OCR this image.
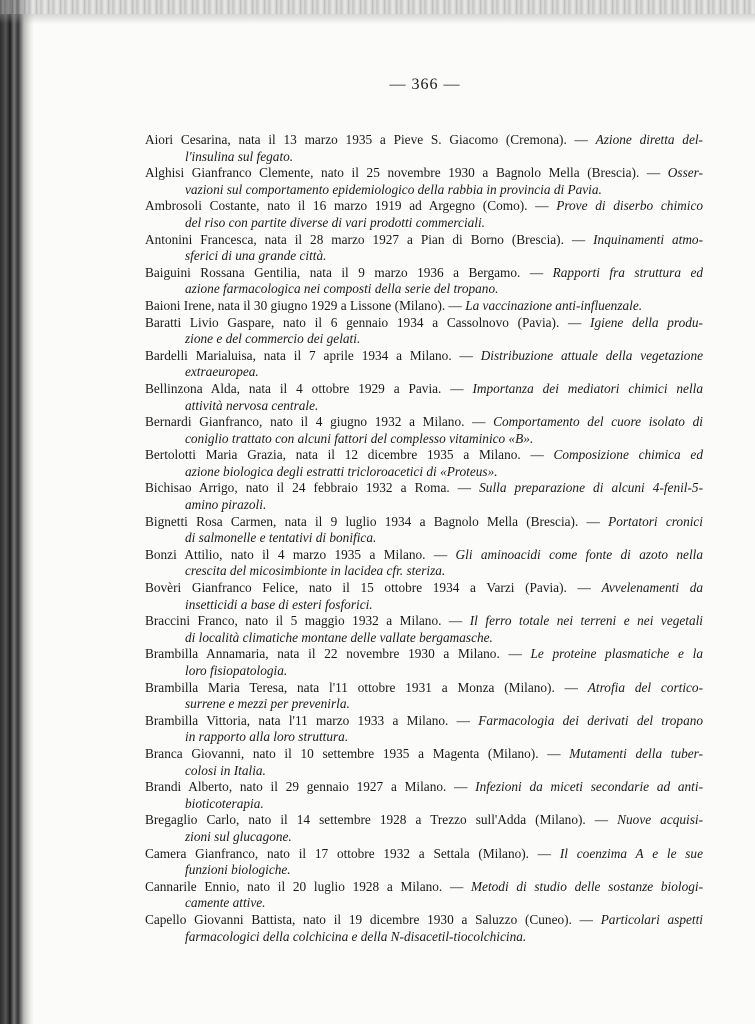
— 366 —
Aiori Cesarina, nata il 13 marzo 1935 a Pieve S. Giacomo (Cremona). — Azione diretta del-
l'insulina sul fegato.
Alghisi Gianfranco Clemente, nato il 25 novembre 1930 a Bagnolo Mella (Brescia). — Osser-
vazioni sul comportamento epidemiologico della rabbia in provincia di Pavia.
Ambrosoli Costante, nato il 16 marzo 1919 ad Argegno (Como). — Prove di diserbo chimico
del riso con partite diverse di vari prodotti commerciali.
Antonini Francesca, nata il 28 marzo 1927 a Pian di Borno (Brescia). — Inquinamenti atmo-
sferici di una grande città.
Baiguini Rossana Gentilia, nata il 9 marzo 1936 a Bergamo. — Rapporti fra struttura ed
azione farmacologica nei composti della serie del tropano.
Baioni Irene, nata il 30 giugno 1929 a Lissone (Milano). — La vaccinazione anti-influenzale.
Baratti Livio Gaspare, nato il 6 gennaio 1934 a Cassolnovo (Pavia). — Igiene della produ-
zione e del commercio dei gelati.
Bardelli Marialuisa, nata il 7 aprile 1934 a Milano. — Distribuzione attuale della vegetazione
extraeuropea.
Bellinzona Alda, nata il 4 ottobre 1929 a Pavia. — Importanza dei mediatori chimici nella
attività nervosa centrale.
Bernardi Gianfranco, nato il 4 giugno 1932 a Milano. — Comportamento del cuore isolato di
coniglio trattato con alcuni fattori del complesso vitaminico «B».
Bertolotti Maria Grazia, nata il 12 dicembre 1935 a Milano. — Composizione chimica ed
azione biologica degli estratti tricloroacetici di «Proteus».
Bichisao Arrigo, nato il 24 febbraio 1932 a Roma. — Sulla preparazione di alcuni 4-fenil-5-
amino pirazoli.
Bignetti Rosa Carmen, nata il 9 luglio 1934 a Bagnolo Mella (Brescia). — Portatori cronici
di salmonelle e tentativi di bonifica.
Bonzi Attilio, nato il 4 marzo 1935 a Milano. — Gli aminoacidi come fonte di azoto nella
crescita del micosimbionte in lacidea cfr. steriza.
Bovèri Gianfranco Felice, nato il 15 ottobre 1934 a Varzi (Pavia). — Avvelenamenti da
insetticidi a base di esteri fosforici.
Braccini Franco, nato il 5 maggio 1932 a Milano. — Il ferro totale nei terreni e nei vegetali
di località climatiche montane delle vallate bergamasche.
Brambilla Annamaria, nata il 22 novembre 1930 a Milano. — Le proteine plasmatiche e la
loro fisiopatologia.
Brambilla Maria Teresa, nata l'11 ottobre 1931 a Monza (Milano). — Atrofia del cortico-
surrene e mezzi per prevenirla.
Brambilla Vittoria, nata l'11 marzo 1933 a Milano. — Farmacologia dei derivati del tropano
in rapporto alla loro struttura.
Branca Giovanni, nato il 10 settembre 1935 a Magenta (Milano). — Mutamenti della tuber-
colosi in Italia.
Brandi Alberto, nato il 29 gennaio 1927 a Milano. — Infezioni da miceti secondarie ad anti-
bioticoterapia.
Bregaglio Carlo, nato il 14 settembre 1928 a Trezzo sull'Adda (Milano). — Nuove acquisi-
zioni sul glucagone.
Camera Gianfranco, nato il 17 ottobre 1932 a Settala (Milano). — Il coenzima A e le sue
funzioni biologiche.
Cannarile Ennio, nato il 20 luglio 1928 a Milano. — Metodi di studio delle sostanze biologi-
camente attive.
Capello Giovanni Battista, nato il 19 dicembre 1930 a Saluzzo (Cuneo). — Particolari aspetti
farmacologici della colchicina e della N-disacetil-tiocolchicina.
